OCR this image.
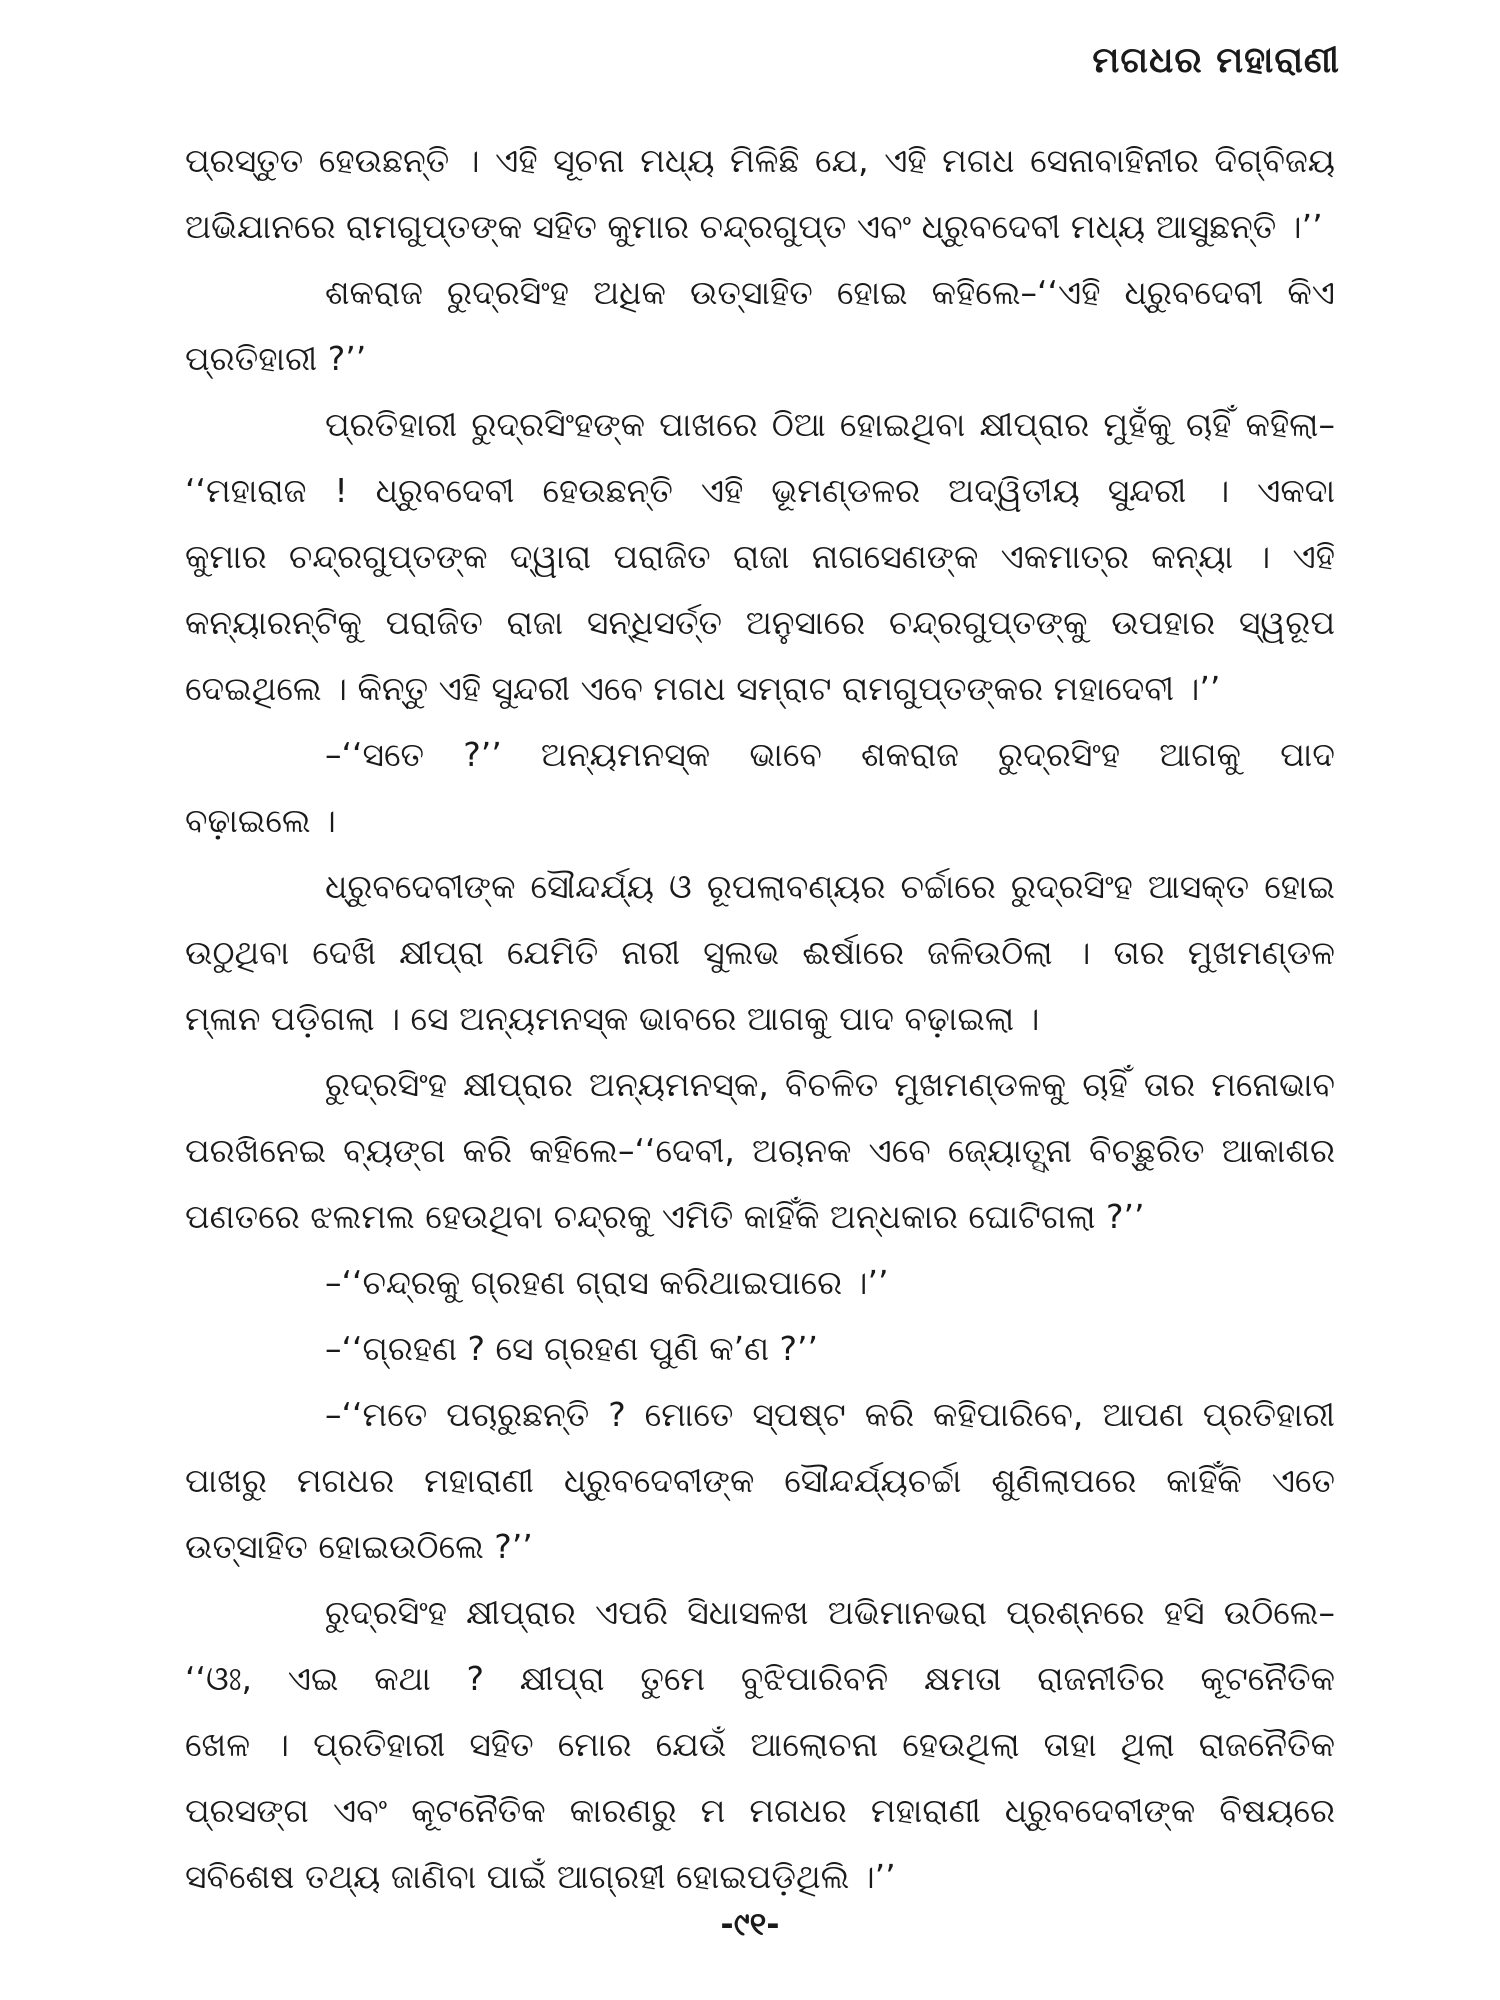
ମଗଧର ମହାରାଣୀ
ପ୍ରସ୍ତୁତ ହେଉଛନ୍ତି । ଏହି ସୂଚନା ମଧ୍ୟ ମିଳିଛି ଯେ, ଏହି ମଗଧ ସେନାବାହିନୀର ଦିଗ୍‌ବିଜୟ
ଅଭିଯାନରେ ରାମଗୁପ୍ତଙ୍କ ସହିତ କୁମାର ଚନ୍ଦ୍ରଗୁପ୍ତ ଏବଂ ଧ୍ରୁବଦେବୀ ମଧ୍ୟ ଆସୁଛନ୍ତି ।’’
ଶକରାଜ ରୁଦ୍ରସିଂହ ଅଧିକ ଉତ୍ସାହିତ ହୋଇ କହିଲେ–‘‘ଏହି ଧ୍ରୁବଦେବୀ କିଏ
ପ୍ରତିହାରୀ ?’’
ପ୍ରତିହାରୀ ରୁଦ୍ରସିଂହଙ୍କ ପାଖରେ ଠିଆ ହୋଇଥିବା କ୍ଷୀପ୍ରାର ମୁହଁକୁ ଚାହିଁ କହିଲା–
‘‘ମହାରାଜ ! ଧ୍ରୁବଦେବୀ ହେଉଛନ୍ତି ଏହି ଭୂମଣ୍ଡଳର ଅଦ୍ୱିତୀୟ ସୁନ୍ଦରୀ । ଏକଦା
କୁମାର ଚନ୍ଦ୍ରଗୁପ୍ତଙ୍କ ଦ୍ୱାରା ପରାଜିତ ରାଜା ନାଗସେଣଙ୍କ ଏକମାତ୍ର କନ୍ୟା । ଏହି
କନ୍ୟାରନ୍‌ଟିକୁ ପରାଜିତ ରାଜା ସନ୍ଧିସର୍ତ୍ତ ଅନୁସାରେ ଚନ୍ଦ୍ରଗୁପ୍ତଙ୍କୁ ଉପହାର ସ୍ୱରୂପ
ଦେଇଥିଲେ । କିନ୍ତୁ ଏହି ସୁନ୍ଦରୀ ଏବେ ମଗଧ ସମ୍ରାଟ ରାମଗୁପ୍ତଙ୍କର ମହାଦେବୀ ।’’
–‘‘ସତେ ?’’ ଅନ୍ୟମନସ୍କ ଭାବେ ଶକରାଜ ରୁଦ୍ରସିଂହ ଆଗକୁ ପାଦ
ବଢ଼ାଇଲେ ।
ଧ୍ରୁବଦେବୀଙ୍କ ସୌନ୍ଦର୍ଯ୍ୟ ଓ ରୂପଲାବଣ୍ୟର ଚର୍ଚ୍ଚାରେ ରୁଦ୍ରସିଂହ ଆସକ୍ତ ହୋଇ
ଉଠୁଥିବା ଦେଖି କ୍ଷୀପ୍ରା ଯେମିତି ନାରୀ ସୁଲଭ ଈର୍ଷାରେ ଜଳିଉଠିଲା । ତାର ମୁଖମଣ୍ଡଳ
ମ୍ଳାନ ପଡ଼ିଗଲା । ସେ ଅନ୍ୟମନସ୍କ ଭାବରେ ଆଗକୁ ପାଦ ବଢ଼ାଇଲା ।
ରୁଦ୍ରସିଂହ କ୍ଷୀପ୍ରାର ଅନ୍ୟମନସ୍କ, ବିଚଳିତ ମୁଖମଣ୍ଡଳକୁ ଚାହିଁ ତାର ମନୋଭାବ
ପରଖିନେଇ ବ୍ୟଙ୍ଗ କରି କହିଲେ–‘‘ଦେବୀ, ଅଚାନକ ଏବେ ଜ୍ୟୋତ୍ସ୍ନା ବିଚ୍ଛୁରିତ ଆକାଶର
ପଣତରେ ଝଲମଲ ହେଉଥିବା ଚନ୍ଦ୍ରକୁ ଏମିତି କାହିଁକି ଅନ୍ଧକାର ଘୋଟିଗଲା ?’’
–‘‘ଚନ୍ଦ୍ରକୁ ଗ୍ରହଣ ଗ୍ରାସ କରିଥାଇପାରେ ।’’
–‘‘ଗ୍ରହଣ ? ସେ ଗ୍ରହଣ ପୁଣି କ’ଣ ?’’
–‘‘ମତେ ପଚାରୁଛନ୍ତି ? ମୋତେ ସ୍ପଷ୍ଟ କରି କହିପାରିବେ, ଆପଣ ପ୍ରତିହାରୀ
ପାଖରୁ ମଗଧର ମହାରାଣୀ ଧ୍ରୁବଦେବୀଙ୍କ ସୌନ୍ଦର୍ଯ୍ୟଚର୍ଚ୍ଚା ଶୁଣିଲାପରେ କାହିଁକି ଏତେ
ଉତ୍ସାହିତ ହୋଇଉଠିଲେ ?’’
ରୁଦ୍ରସିଂହ କ୍ଷୀପ୍ରାର ଏପରି ସିଧାସଳଖ ଅଭିମାନଭରା ପ୍ରଶ୍ନରେ ହସି ଉଠିଲେ–
‘‘ଓଃ, ଏଇ କଥା ? କ୍ଷୀପ୍ରା ତୁମେ ବୁଝିପାରିବନି କ୍ଷମତା ରାଜନୀତିର କୂଟନୈତିକ
ଖେଳ । ପ୍ରତିହାରୀ ସହିତ ମୋର ଯେଉଁ ଆଲୋଚନା ହେଉଥିଲା ତାହା ଥିଲା ରାଜନୈତିକ
ପ୍ରସଙ୍ଗ ଏବଂ କୂଟନୈତିକ କାରଣରୁ ମ ମଗଧର ମହାରାଣୀ ଧ୍ରୁବଦେବୀଙ୍କ ବିଷୟରେ
ସବିଶେଷ ତଥ୍ୟ ଜାଣିବା ପାଇଁ ଆଗ୍ରହୀ ହୋଇପଡ଼ିଥିଲି ।’’
-୯୧-
